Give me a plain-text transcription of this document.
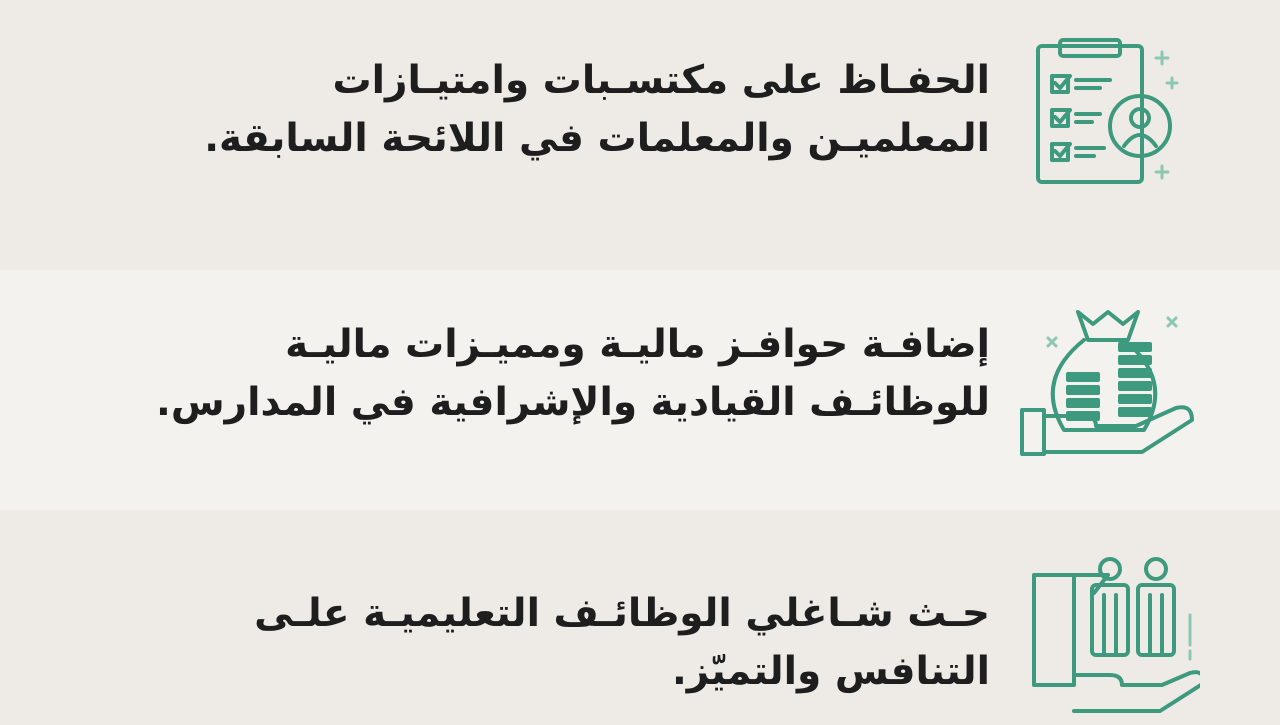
الحفـاظ على مكتسـبات وامتيـازات المعلميـن والمعلمات في اللائحة السابقة.
إضافـة حوافـز ماليـة ومميـزات ماليـة للوظائـف القيادية والإشرافية في المدارس.
حـث شـاغلي الوظائـف التعليميـة علـى التنافس والتميّز.
